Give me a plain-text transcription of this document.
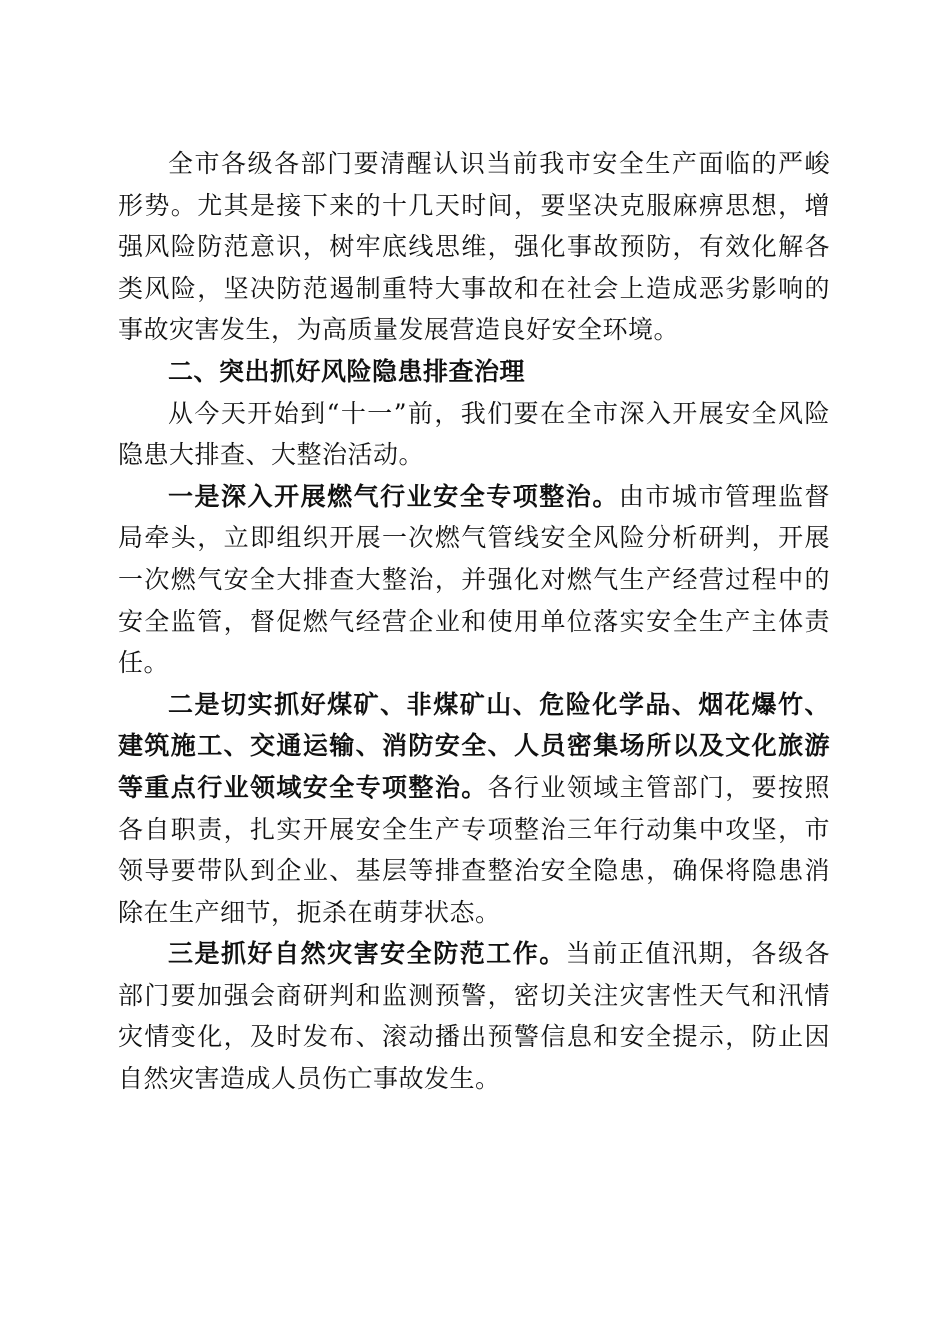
全市各级各部门要清醒认识当前我市安全生产面临的严峻形势。尤其是接下来的十几天时间，要坚决克服麻痹思想，增强风险防范意识，树牢底线思维，强化事故预防，有效化解各类风险，坚决防范遏制重特大事故和在社会上造成恶劣影响的事故灾害发生，为高质量发展营造良好安全环境。

二、突出抓好风险隐患排查治理

从今天开始到“十一”前，我们要在全市深入开展安全风险隐患大排查、大整治活动。

一是深入开展燃气行业安全专项整治。由市城市管理监督局牵头，立即组织开展一次燃气管线安全风险分析研判，开展一次燃气安全大排查大整治，并强化对燃气生产经营过程中的安全监管，督促燃气经营企业和使用单位落实安全生产主体责任。

二是切实抓好煤矿、非煤矿山、危险化学品、烟花爆竹、建筑施工、交通运输、消防安全、人员密集场所以及文化旅游等重点行业领域安全专项整治。各行业领域主管部门，要按照各自职责，扎实开展安全生产专项整治三年行动集中攻坚，市领导要带队到企业、基层等排查整治安全隐患，确保将隐患消除在生产细节，扼杀在萌芽状态。

三是抓好自然灾害安全防范工作。当前正值汛期，各级各部门要加强会商研判和监测预警，密切关注灾害性天气和汛情灾情变化，及时发布、滚动播出预警信息和安全提示，防止因自然灾害造成人员伤亡事故发生。
